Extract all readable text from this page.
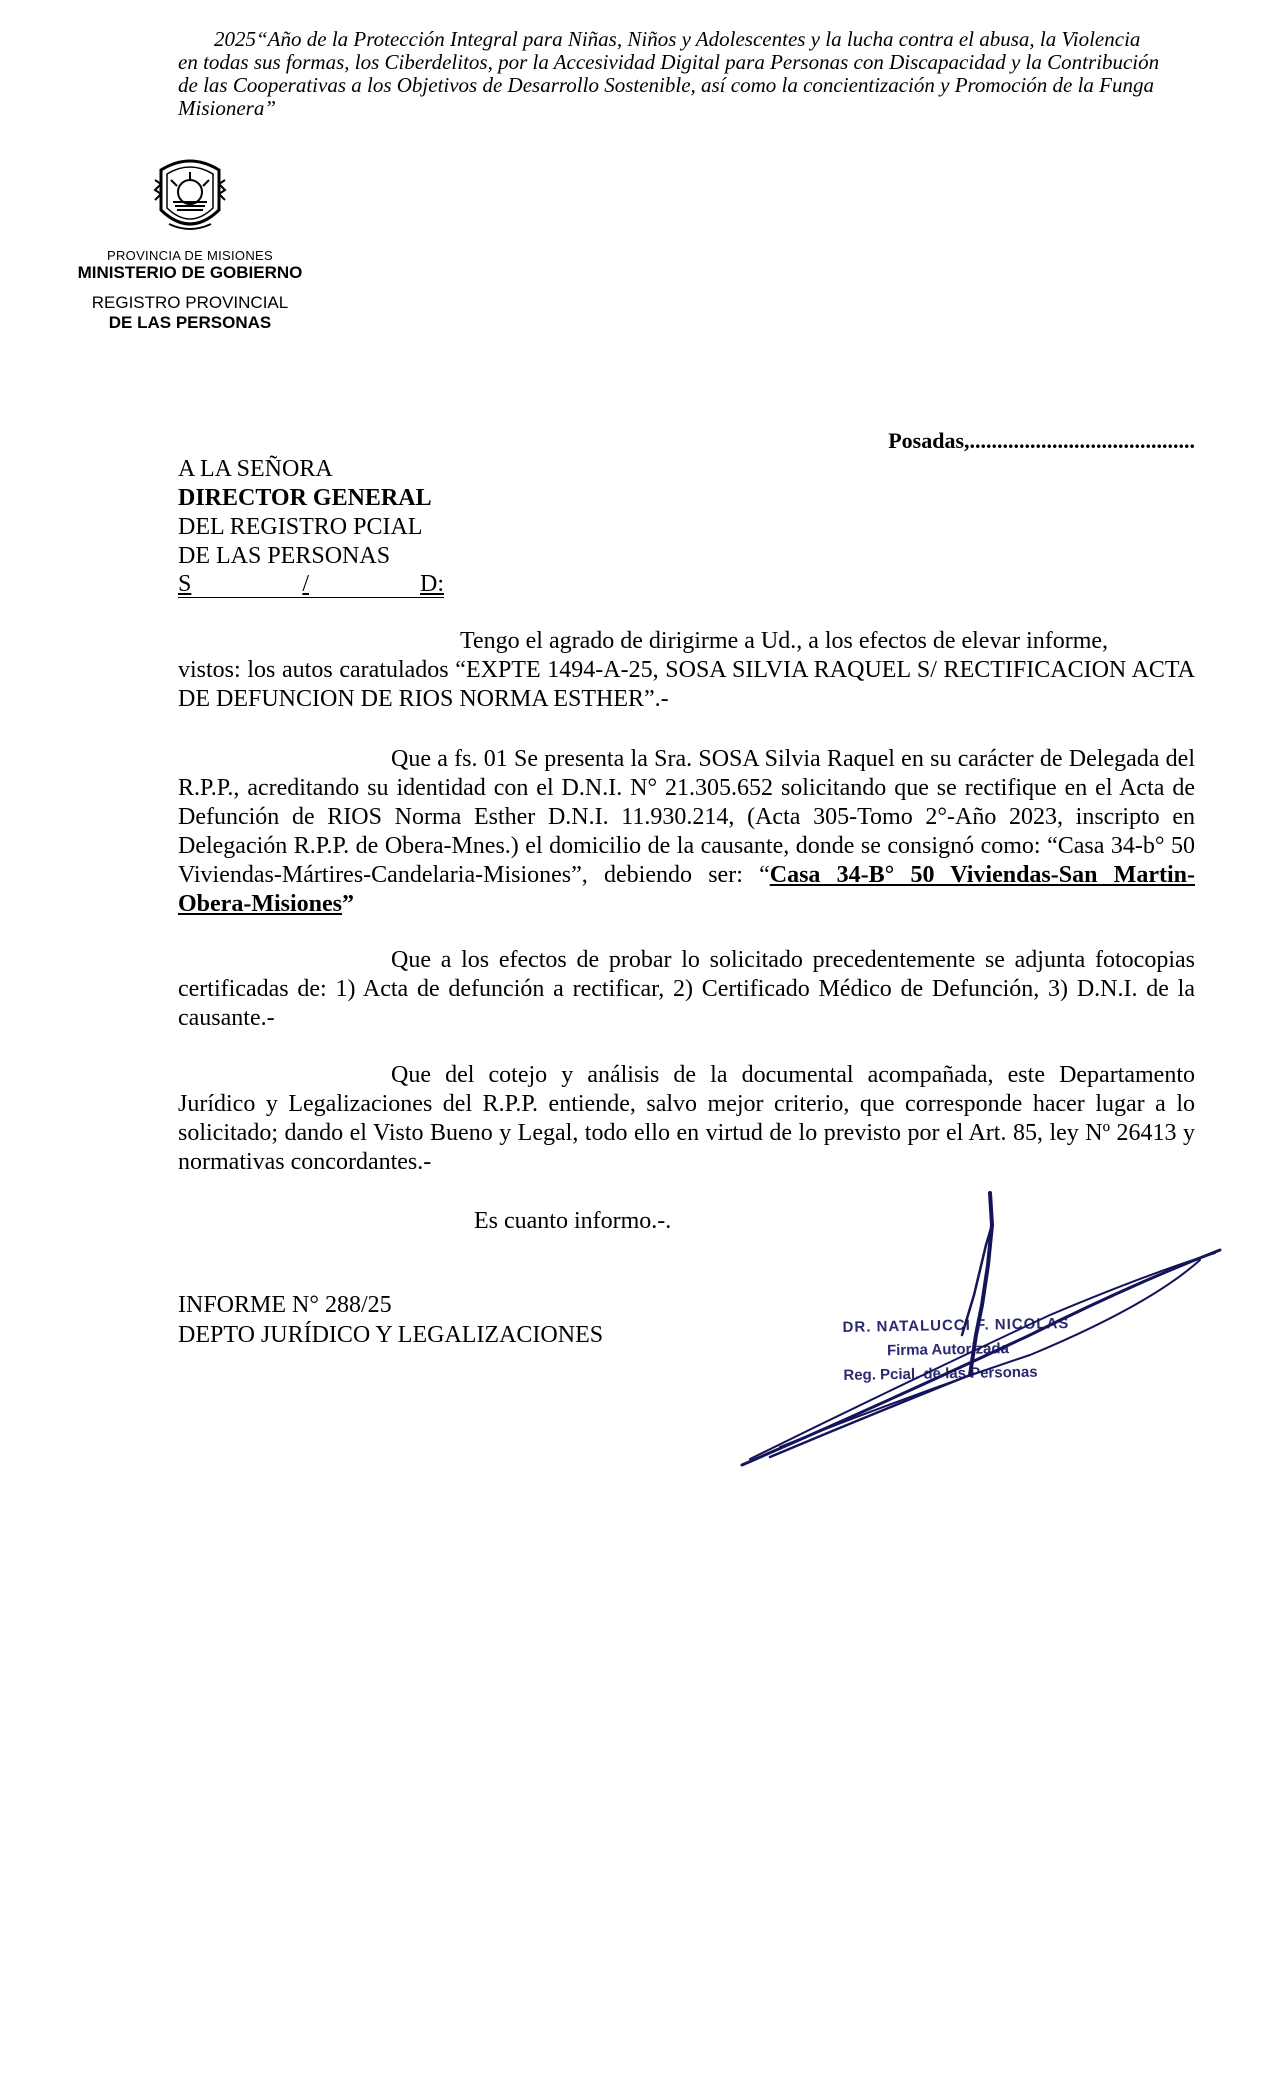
2025“Año de la Protección Integral para Niñas, Niños y Adolescentes y la lucha contra el abusa, la Violencia
en todas sus formas, los Ciberdelitos, por la Accesividad Digital para Personas con Discapacidad y la Contribución
de las Cooperativas a los Objetivos de Desarrollo Sostenible, así como la concientización y Promoción de la Funga
Misionera”
PROVINCIA DE MISIONES
MINISTERIO DE GOBIERNO
REGISTRO PROVINCIAL
DE LAS PERSONAS
Posadas,.........................................
A LA SEÑORA
DIRECTOR GENERAL
DEL REGISTRO PCIAL
DE LAS PERSONAS
S	/	D:
Tengo el agrado de dirigirme a Ud., a los efectos de elevar informe,
vistos: los autos caratulados “EXPTE 1494-A-25, SOSA SILVIA RAQUEL S/ RECTIFICACION ACTA DE DEFUNCION DE RIOS NORMA ESTHER”.-
Que a fs. 01 Se presenta la Sra. SOSA Silvia Raquel en su carácter de Delegada del R.P.P., acreditando su identidad con el D.N.I. N° 21.305.652 solicitando que se rectifique en el Acta de Defunción de RIOS Norma Esther D.N.I. 11.930.214, (Acta 305-Tomo 2°-Año 2023, inscripto en Delegación R.P.P. de Obera-Mnes.) el domicilio de la causante, donde se consignó como: “Casa 34-b° 50 Viviendas-Mártires-Candelaria-Misiones”, debiendo ser: “Casa 34-B° 50 Viviendas-San Martin-Obera-Misiones”
Que a los efectos de probar lo solicitado precedentemente se adjunta fotocopias certificadas de: 1) Acta de defunción a rectificar, 2) Certificado Médico de Defunción, 3) D.N.I. de la causante.-
Que del cotejo y análisis de la documental acompañada, este Departamento Jurídico y Legalizaciones del R.P.P. entiende, salvo mejor criterio, que corresponde hacer lugar a lo solicitado; dando el Visto Bueno y Legal, todo ello en virtud de lo previsto por el Art. 85, ley Nº 26413 y normativas concordantes.-
Es cuanto informo.-.
INFORME N° 288/25
DEPTO JURÍDICO Y LEGALIZACIONES	DR. NATALUCCI F. NICOLAS
Firma Autorizada
Reg. Pcial. de las Personas
